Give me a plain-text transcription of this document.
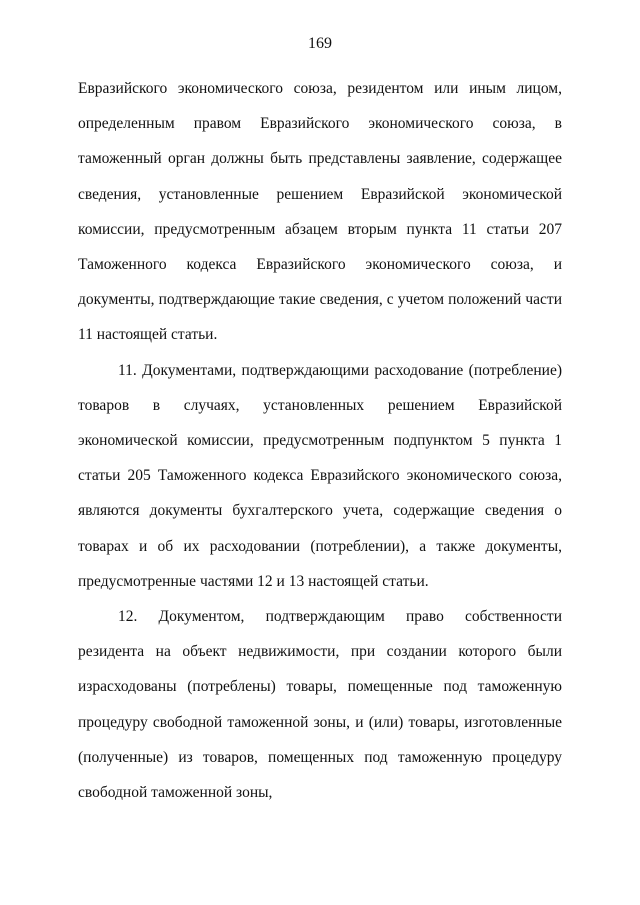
169

Евразийского экономического союза, резидентом или иным лицом, определенным правом Евразийского экономического союза, в таможенный орган должны быть представлены заявление, содержащее сведения, установленные решением Евразийской экономической комиссии, предусмотренным абзацем вторым пункта 11 статьи 207 Таможенного кодекса Евразийского экономического союза, и документы, подтверждающие такие сведения, с учетом положений части 11 настоящей статьи.

11. Документами, подтверждающими расходование (потребление) товаров в случаях, установленных решением Евразийской экономической комиссии, предусмотренным подпунктом 5 пункта 1 статьи 205 Таможенного кодекса Евразийского экономического союза, являются документы бухгалтерского учета, содержащие сведения о товарах и об их расходовании (потреблении), а также документы, предусмотренные частями 12 и 13 настоящей статьи.

12. Документом, подтверждающим право собственности резидента на объект недвижимости, при создании которого были израсходованы (потреблены) товары, помещенные под таможенную процедуру свободной таможенной зоны, и (или) товары, изготовленные (полученные) из товаров, помещенных под таможенную процедуру свободной таможенной зоны,
